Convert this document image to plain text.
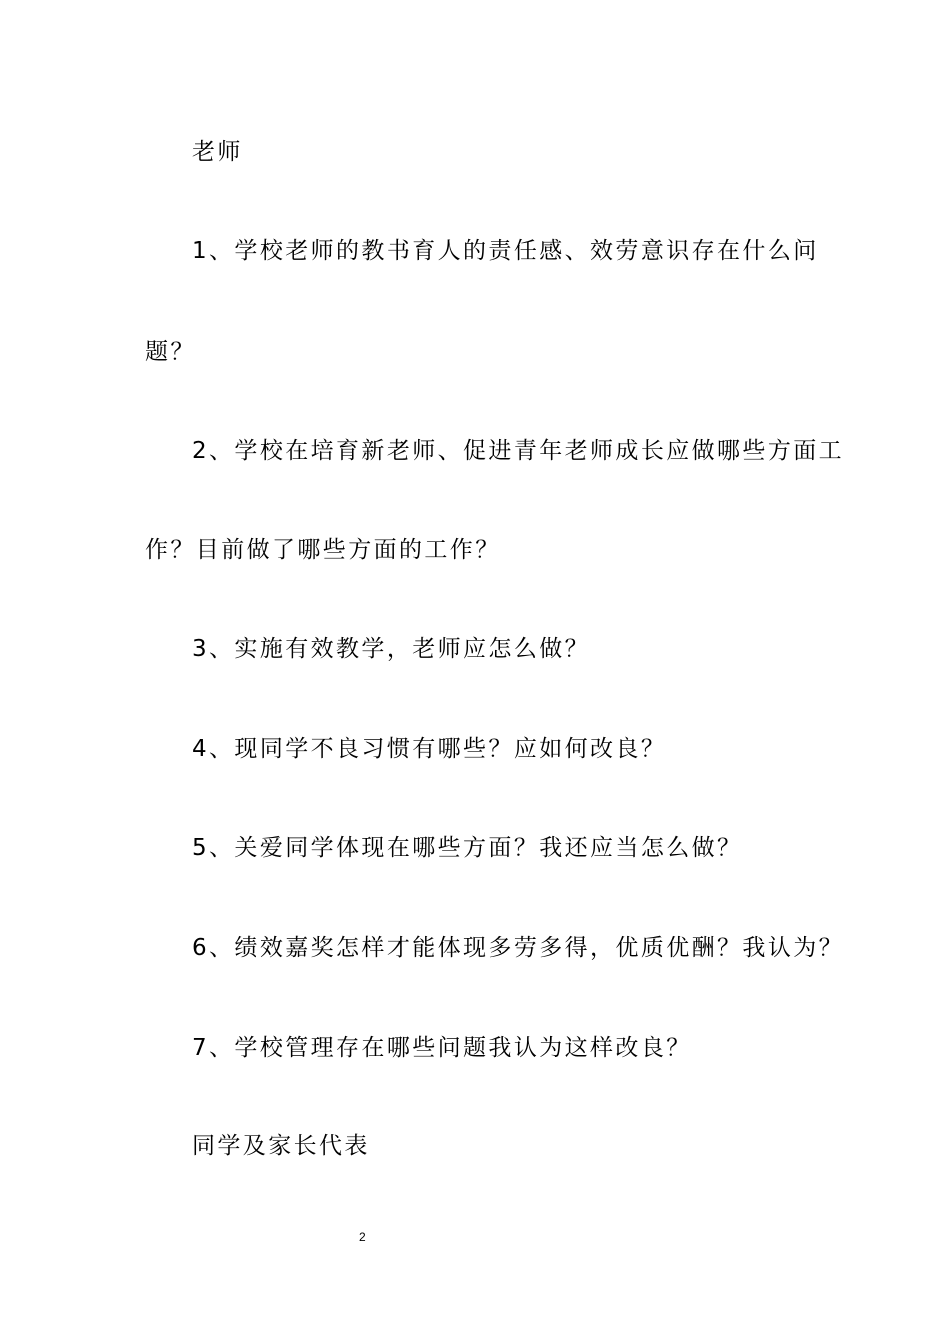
老师
1、学校老师的教书育人的责任感、效劳意识存在什么问
题？
2、学校在培育新老师、促进青年老师成长应做哪些方面工
作？目前做了哪些方面的工作？
3、实施有效教学，老师应怎么做？
4、现同学不良习惯有哪些？应如何改良？
5、关爱同学体现在哪些方面？我还应当怎么做？
6、绩效嘉奖怎样才能体现多劳多得，优质优酬？我认为？
7、学校管理存在哪些问题我认为这样改良？
同学及家长代表
2
